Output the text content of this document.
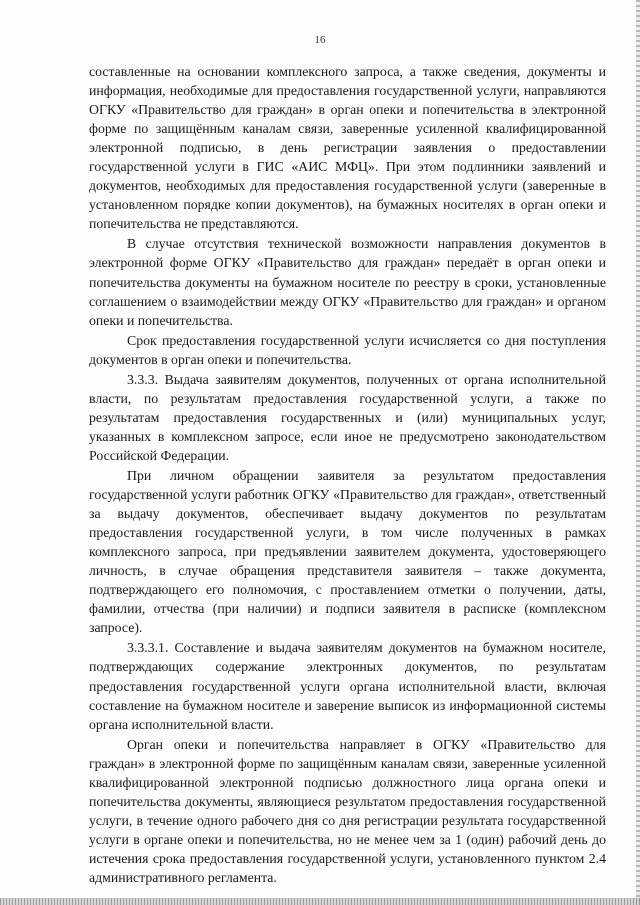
16

составленные на основании комплексного запроса, а также сведения, документы и информация, необходимые для предоставления государственной услуги, направляются ОГКУ «Правительство для граждан» в орган опеки и попечительства в электронной форме по защищённым каналам связи, заверенные усиленной квалифицированной электронной подписью, в день регистрации заявления о предоставлении государственной услуги в ГИС «АИС МФЦ». При этом подлинники заявлений и документов, необходимых для предоставления государственной услуги (заверенные в установленном порядке копии документов), на бумажных носителях в орган опеки и попечительства не представляются.

В случае отсутствия технической возможности направления документов в электронной форме ОГКУ «Правительство для граждан» передаёт в орган опеки и попечительства документы на бумажном носителе по реестру в сроки, установленные соглашением о взаимодействии между ОГКУ «Правительство для граждан» и органом опеки и попечительства.

Срок предоставления государственной услуги исчисляется со дня поступления документов в орган опеки и попечительства.

3.3.3. Выдача заявителям документов, полученных от органа исполнительной власти, по результатам предоставления государственной услуги, а также по результатам предоставления государственных и (или) муниципальных услуг, указанных в комплексном запросе, если иное не предусмотрено законодательством Российской Федерации.

При личном обращении заявителя за результатом предоставления государственной услуги работник ОГКУ «Правительство для граждан», ответственный за выдачу документов, обеспечивает выдачу документов по результатам предоставления государственной услуги, в том числе полученных в рамках комплексного запроса, при предъявлении заявителем документа, удостоверяющего личность, в случае обращения представителя заявителя – также документа, подтверждающего его полномочия, с проставлением отметки о получении, даты, фамилии, отчества (при наличии) и подписи заявителя в расписке (комплексном запросе).

3.3.3.1. Составление и выдача заявителям документов на бумажном носителе, подтверждающих содержание электронных документов, по результатам предоставления государственной услуги органа исполнительной власти, включая составление на бумажном носителе и заверение выписок из информационной системы органа исполнительной власти.

Орган опеки и попечительства направляет в ОГКУ «Правительство для граждан» в электронной форме по защищённым каналам связи, заверенные усиленной квалифицированной электронной подписью должностного лица органа опеки и попечительства документы, являющиеся результатом предоставления государственной услуги, в течение одного рабочего дня со дня регистрации результата государственной услуги в органе опеки и попечительства, но не менее чем за 1 (один) рабочий день до истечения срока предоставления государственной услуги, установленного пунктом 2.4 административного регламента.
